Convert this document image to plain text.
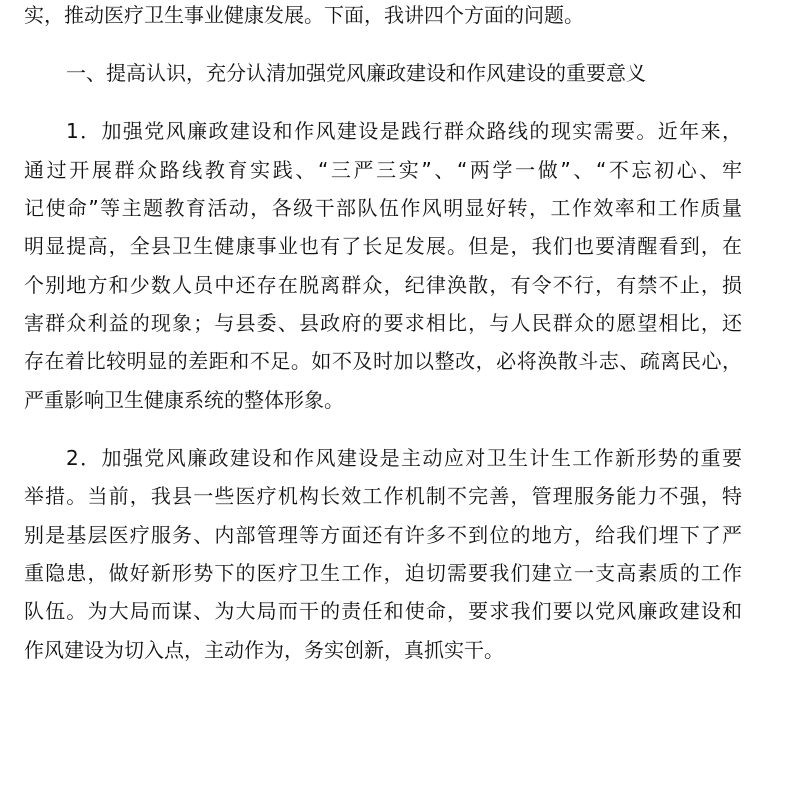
实，推动医疗卫生事业健康发展。下面，我讲四个方面的问题。
一、提高认识，充分认清加强党风廉政建设和作风建设的重要意义
1．加强党风廉政建设和作风建设是践行群众路线的现实需要。近年来，
通过开展群众路线教育实践、“三严三实”、“两学一做”、“不忘初心、牢
记使命”等主题教育活动，各级干部队伍作风明显好转，工作效率和工作质量
明显提高，全县卫生健康事业也有了长足发展。但是，我们也要清醒看到，在
个别地方和少数人员中还存在脱离群众，纪律涣散，有令不行，有禁不止，损
害群众利益的现象；与县委、县政府的要求相比，与人民群众的愿望相比，还
存在着比较明显的差距和不足。如不及时加以整改，必将涣散斗志、疏离民心，
严重影响卫生健康系统的整体形象。
2．加强党风廉政建设和作风建设是主动应对卫生计生工作新形势的重要
举措。当前，我县一些医疗机构长效工作机制不完善，管理服务能力不强，特
别是基层医疗服务、内部管理等方面还有许多不到位的地方，给我们埋下了严
重隐患，做好新形势下的医疗卫生工作，迫切需要我们建立一支高素质的工作
队伍。为大局而谋、为大局而干的责任和使命，要求我们要以党风廉政建设和
作风建设为切入点，主动作为，务实创新，真抓实干。
